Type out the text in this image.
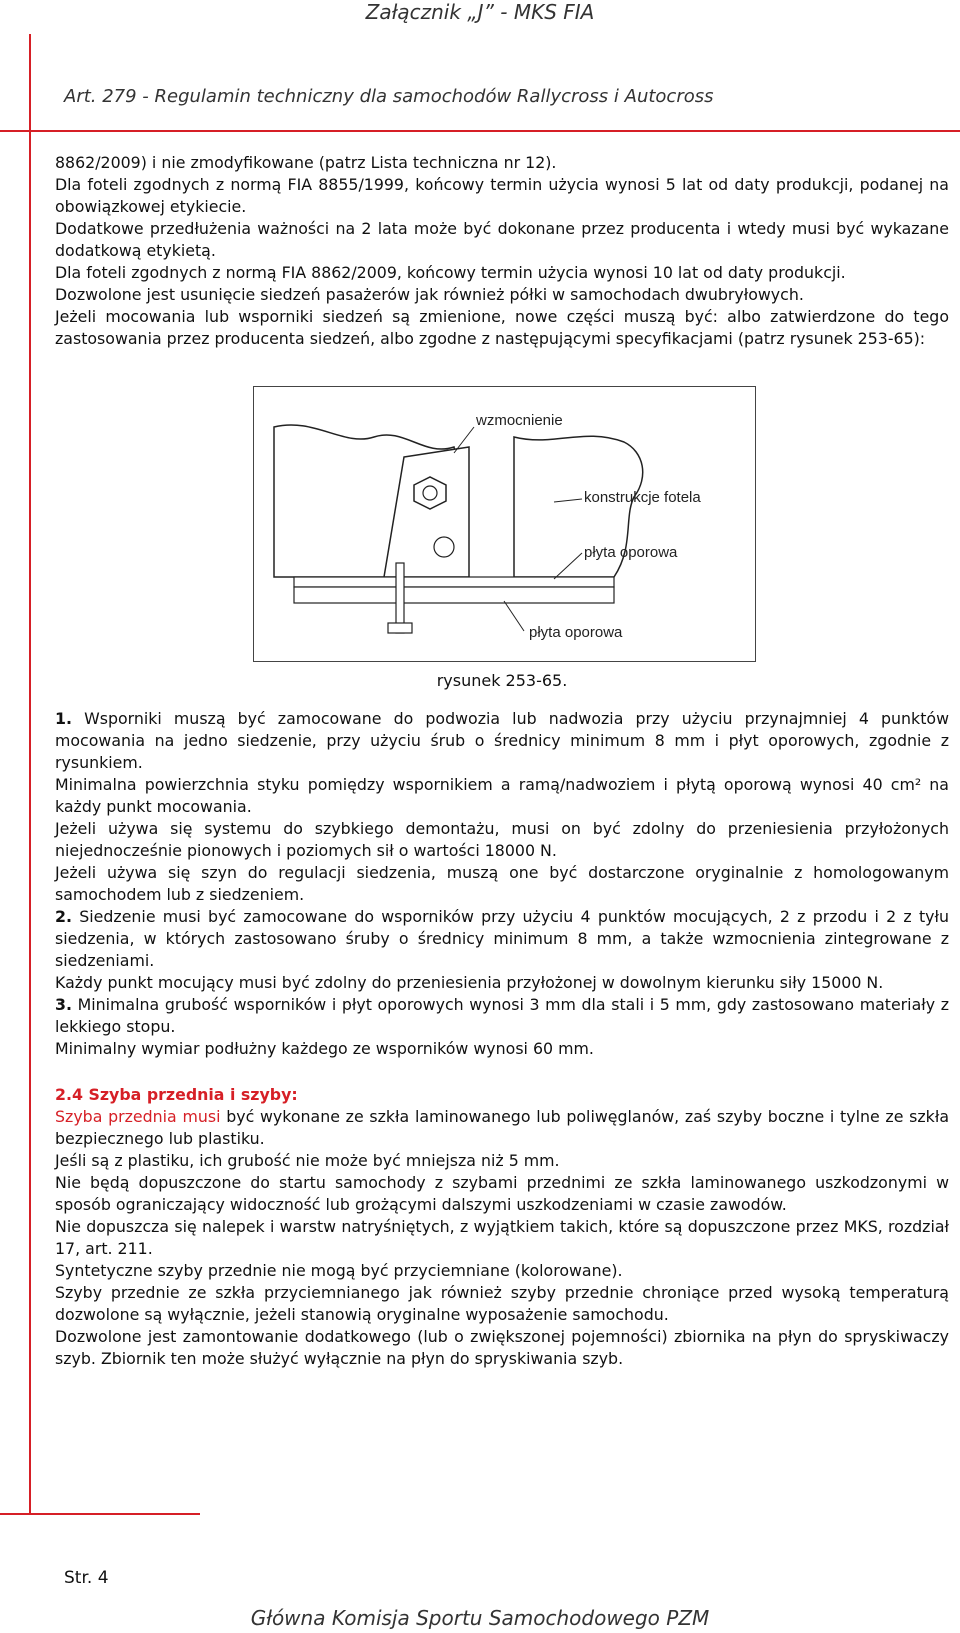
Załącznik „J” - MKS FIA
Art. 279 - Regulamin techniczny dla samochodów Rallycross i Autocross

8862/2009) i nie zmodyfikowane (patrz Lista techniczna nr 12).

Dla foteli zgodnych z normą FIA 8855/1999, końcowy termin użycia wynosi 5 lat od daty produkcji, podanej na obowiązkowej etykiecie.

Dodatkowe przedłużenia ważności na 2 lata może być dokonane przez producenta i wtedy musi być wykazane dodatkową etykietą.

Dla foteli zgodnych z normą FIA 8862/2009, końcowy termin użycia wynosi 10 lat od daty produkcji.

Dozwolone jest usunięcie siedzeń pasażerów jak również półki w samochodach dwubryłowych.

Jeżeli mocowania lub wsporniki siedzeń są zmienione, nowe części muszą być: albo zatwierdzone do tego zastosowania przez producenta siedzeń, albo zgodne z następującymi specyfikacjami (patrz rysunek 253-65):

wzmocnienie
konstrukcje fotela
płyta oporowa
płyta oporowa

rysunek 253-65.

1. Wsporniki muszą być zamocowane do podwozia lub nadwozia przy użyciu przynajmniej 4 punktów mocowania na jedno siedzenie, przy użyciu śrub o średnicy minimum 8 mm i płyt oporowych, zgodnie z rysunkiem.

Minimalna powierzchnia styku pomiędzy wspornikiem a ramą/nadwoziem i płytą oporową wynosi 40 cm² na każdy punkt mocowania.

Jeżeli używa się systemu do szybkiego demontażu, musi on być zdolny do przeniesienia przyłożonych niejednocześnie pionowych i poziomych sił o wartości 18000 N.

Jeżeli używa się szyn do regulacji siedzenia, muszą one być dostarczone oryginalnie z homologowanym samochodem lub z siedzeniem.

2. Siedzenie musi być zamocowane do wsporników przy użyciu 4 punktów mocujących, 2 z przodu i 2 z tyłu siedzenia, w których zastosowano śruby o średnicy minimum 8 mm, a także wzmocnienia zintegrowane z siedzeniami.

Każdy punkt mocujący musi być zdolny do przeniesienia przyłożonej w dowolnym kierunku siły 15000 N.

3. Minimalna grubość wsporników i płyt oporowych wynosi 3 mm dla stali i 5 mm, gdy zastosowano materiały z lekkiego stopu.

Minimalny wymiar podłużny każdego ze wsporników wynosi 60 mm.

2.4 Szyba przednia i szyby:

Szyba przednia musi być wykonane ze szkła laminowanego lub poliwęglanów, zaś szyby boczne i tylne ze szkła bezpiecznego lub plastiku.

Jeśli są z plastiku, ich grubość nie może być mniejsza niż 5 mm.

Nie będą dopuszczone do startu samochody z szybami przednimi ze szkła laminowanego uszkodzonymi w sposób ograniczający widoczność lub grożącymi dalszymi uszkodzeniami w czasie zawodów.

Nie dopuszcza się nalepek i warstw natryśniętych, z wyjątkiem takich, które są dopuszczone przez MKS, rozdział 17, art. 211.

Syntetyczne szyby przednie nie mogą być przyciemniane (kolorowane).

Szyby przednie ze szkła przyciemnianego jak również szyby przednie chroniące przed wysoką temperaturą dozwolone są wyłącznie, jeżeli stanowią oryginalne wyposażenie samochodu.

Dozwolone jest zamontowanie dodatkowego (lub o zwiększonej pojemności) zbiornika na płyn do spryskiwaczy szyb. Zbiornik ten może służyć wyłącznie na płyn do spryskiwania szyb.

Str. 4
Główna Komisja Sportu Samochodowego PZM
